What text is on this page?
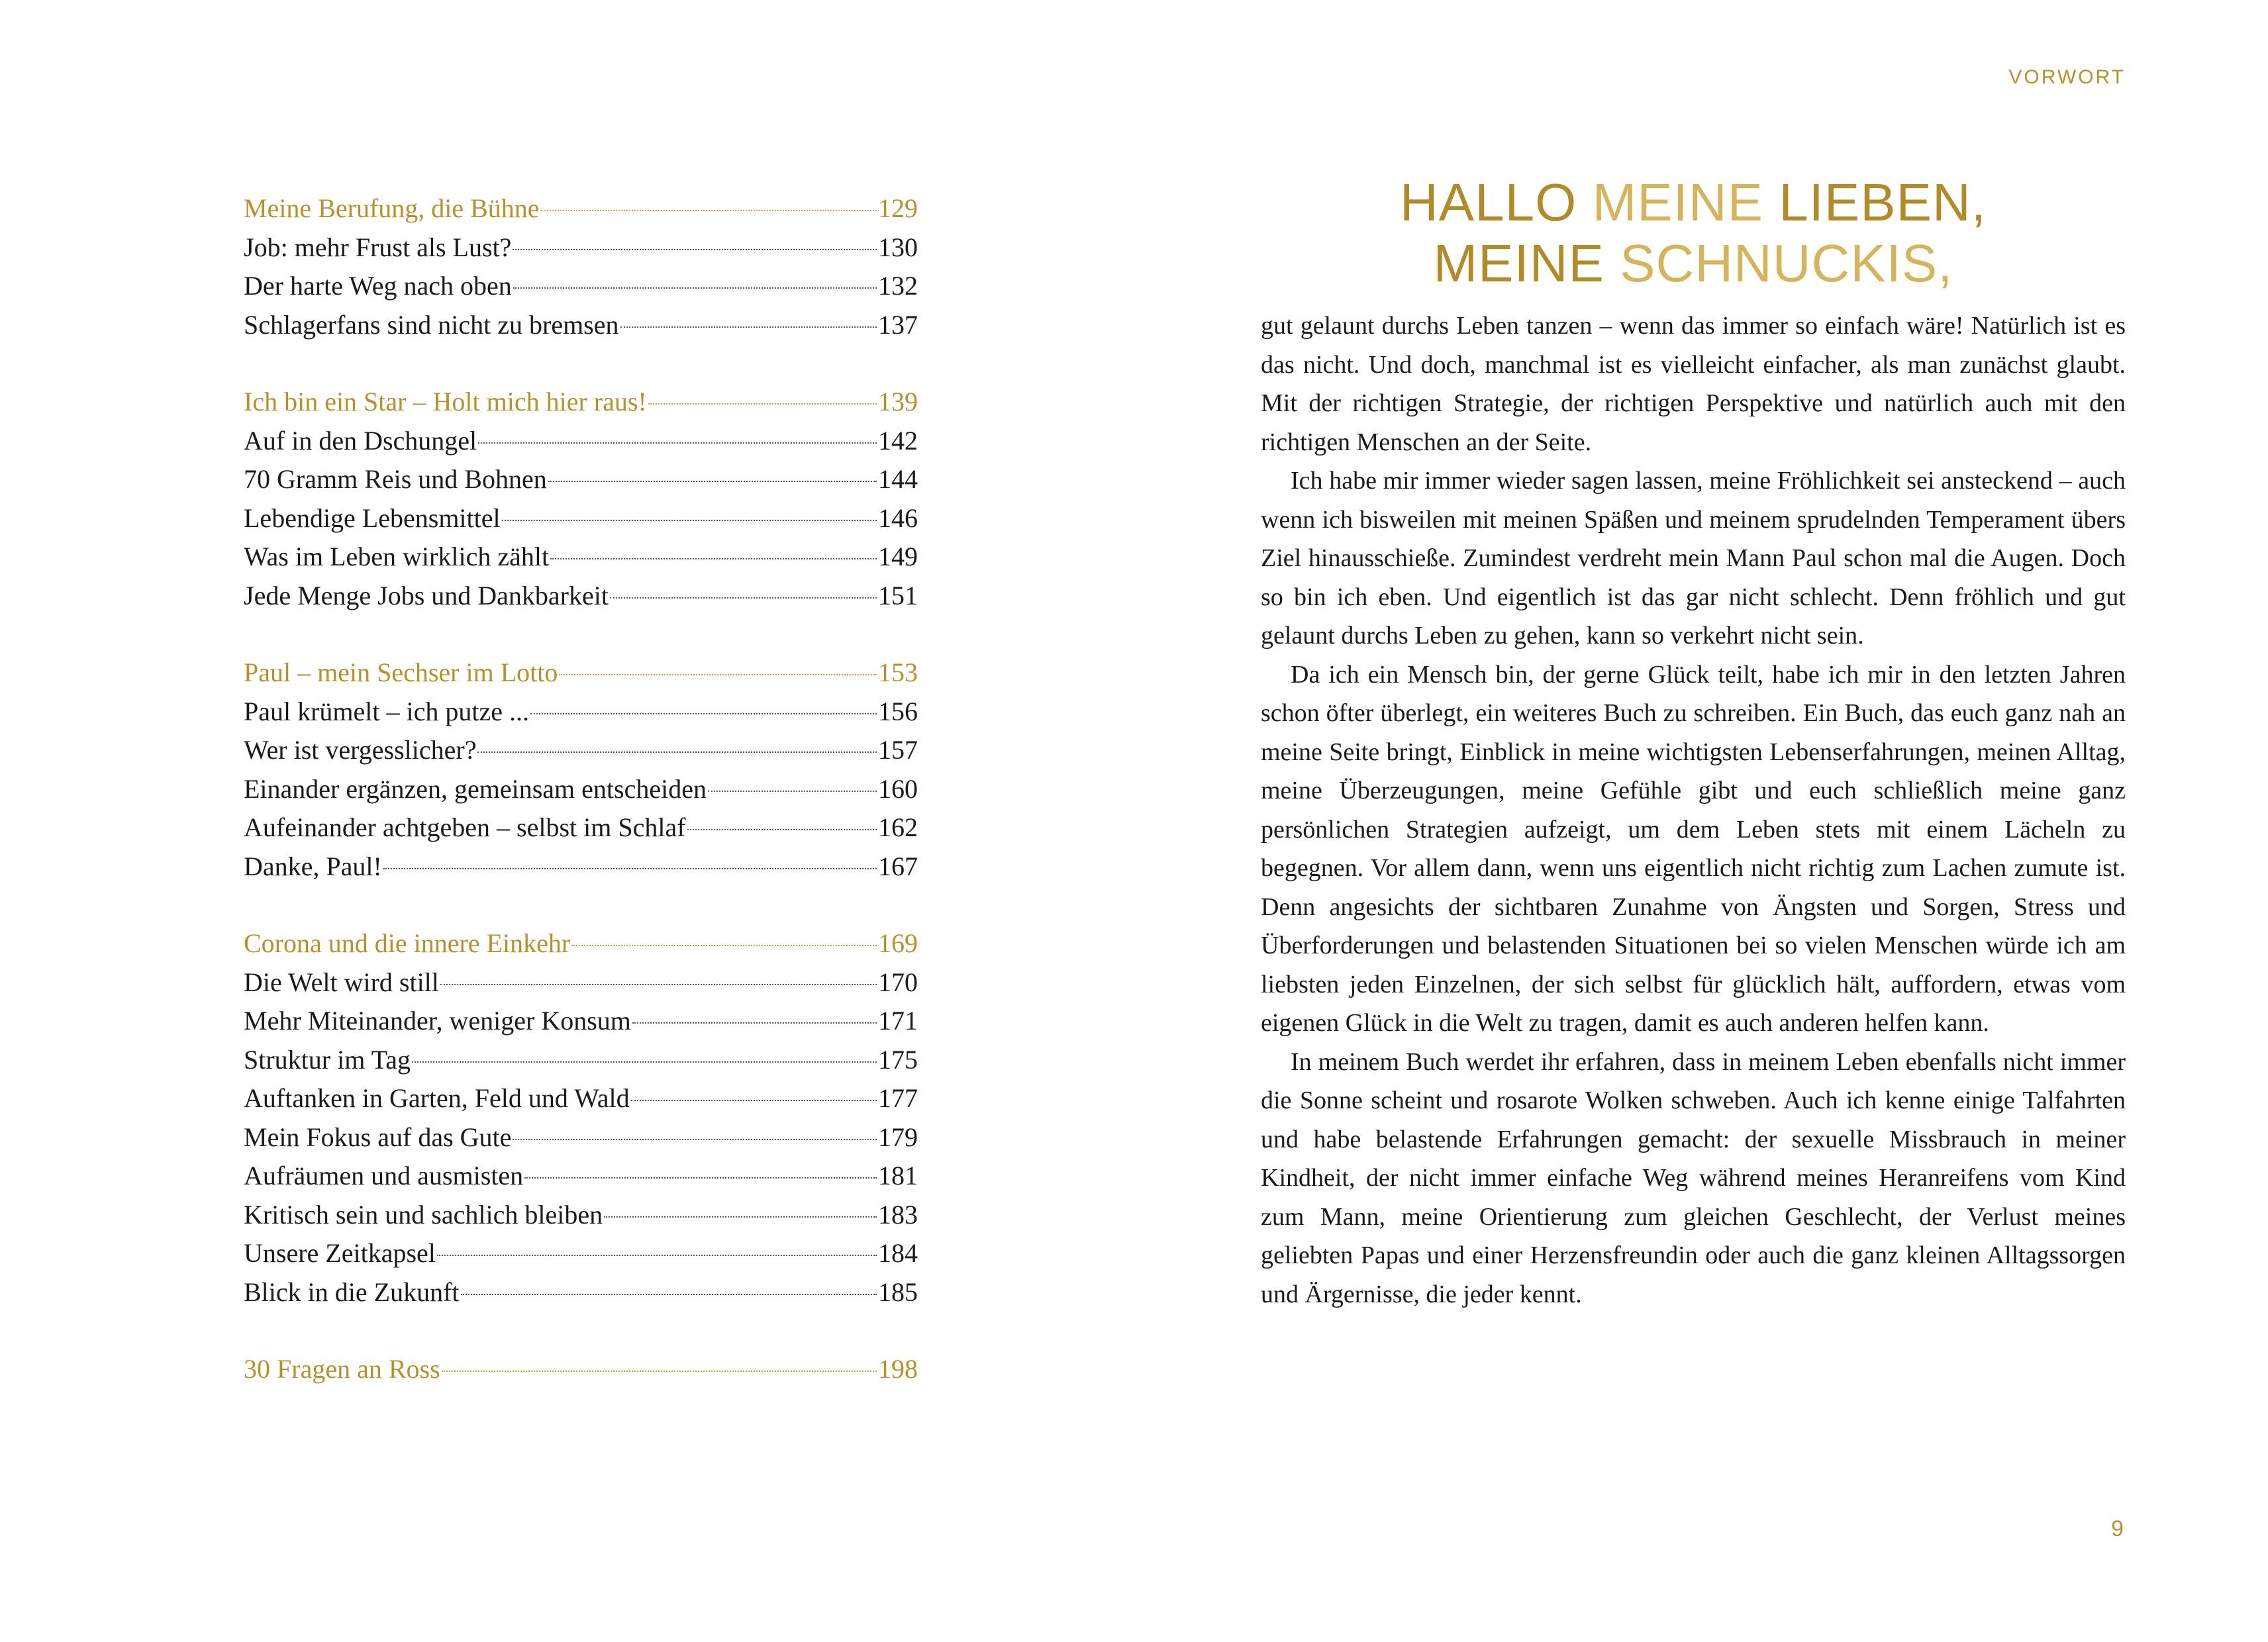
Meine Berufung, die Bühne	129
Job: mehr Frust als Lust?	130
Der harte Weg nach oben	132
Schlagerfans sind nicht zu bremsen	137
Ich bin ein Star – Holt mich hier raus!	139
Auf in den Dschungel	142
70 Gramm Reis und Bohnen	144
Lebendige Lebensmittel	146
Was im Leben wirklich zählt	149
Jede Menge Jobs und Dankbarkeit	151
Paul – mein Sechser im Lotto	153
Paul krümelt – ich putze ...	156
Wer ist vergesslicher?	157
Einander ergänzen, gemeinsam entscheiden	160
Aufeinander achtgeben – selbst im Schlaf	162
Danke, Paul!	167
Corona und die innere Einkehr	169
Die Welt wird still	170
Mehr Miteinander, weniger Konsum	171
Struktur im Tag	175
Auftanken in Garten, Feld und Wald	177
Mein Fokus auf das Gute	179
Aufräumen und ausmisten	181
Kritisch sein und sachlich bleiben	183
Unsere Zeitkapsel	184
Blick in die Zukunft	185
30 Fragen an Ross	198
VORWORT
HALLO MEINE LIEBEN,
MEINE SCHNUCKIS,

gut gelaunt durchs Leben tanzen – wenn das immer so einfach wäre! Natürlich ist es das nicht. Und doch, manchmal ist es vielleicht einfacher, als man zunächst glaubt. Mit der richtigen Strategie, der richtigen Perspektive und natürlich auch mit den richtigen Menschen an der Seite.

Ich habe mir immer wieder sagen lassen, meine Fröhlichkeit sei ansteckend – auch wenn ich bisweilen mit meinen Späßen und meinem sprudelnden Temperament übers Ziel hinausschieße. Zumindest verdreht mein Mann Paul schon mal die Augen. Doch so bin ich eben. Und eigentlich ist das gar nicht schlecht. Denn fröhlich und gut gelaunt durchs Leben zu gehen, kann so verkehrt nicht sein.

Da ich ein Mensch bin, der gerne Glück teilt, habe ich mir in den letzten Jahren schon öfter überlegt, ein weiteres Buch zu schreiben. Ein Buch, das euch ganz nah an meine Seite bringt, Einblick in meine wichtigsten Lebenserfahrungen, meinen Alltag, meine Überzeugungen, meine Gefühle gibt und euch schließlich meine ganz persönlichen Strategien aufzeigt, um dem Leben stets mit einem Lächeln zu begegnen. Vor allem dann, wenn uns eigentlich nicht richtig zum Lachen zumute ist. Denn angesichts der sichtbaren Zunahme von Ängsten und Sorgen, Stress und Überforderungen und belastenden Situationen bei so vielen Menschen würde ich am liebsten jeden Einzelnen, der sich selbst für glücklich hält, auffordern, etwas vom eigenen Glück in die Welt zu tragen, damit es auch anderen helfen kann.

In meinem Buch werdet ihr erfahren, dass in meinem Leben ebenfalls nicht immer die Sonne scheint und rosarote Wolken schweben. Auch ich kenne einige Talfahrten und habe belastende Erfahrungen gemacht: der sexuelle Missbrauch in meiner Kindheit, der nicht immer einfache Weg während meines Heranreifens vom Kind zum Mann, meine Orientierung zum gleichen Geschlecht, der Verlust meines geliebten Papas und einer Herzensfreundin oder auch die ganz kleinen Alltagssorgen und Ärgernisse, die jeder kennt.

9
